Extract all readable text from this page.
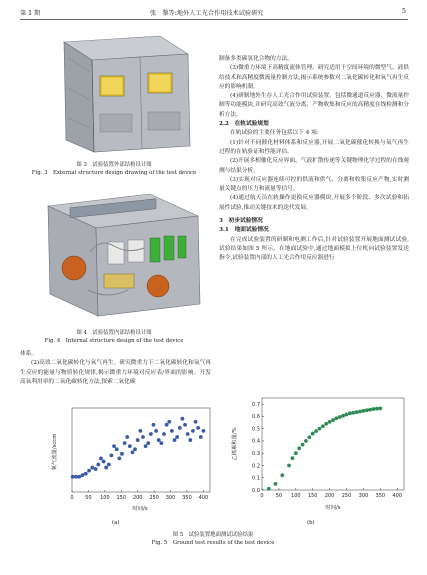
第 1 期	张　黎等:地外人工光合作用技术试验研究	5
图 3　试验装置外部结构设计图
Fig. 3　External structure design drawing of the test device
图 4　试验装置内部结构设计图
Fig. 4　Internal structure design of the test device

体系。

(2)高效二氧化碳转化与氧气再生。研究微重力下二氧化碳转化和氧气再生反应的能量与物质转化规律,揭示微重力环境对反应表/界面的影响。开发高氧利用率的二氧化碳转化方法,探索二氧化碳

制备多类碳氢化合物的方法。

(3)微重力环境下高精度流体管理。研究适用于空间环境的微型气、液供给技术和高精度微流量控制方法,揭示系统参数对二氧化碳转化和氧气再生反应的影响机制。

(4)研制地外生存人工光合作用试验装置。包括微通道反应器、微流量控制等功能模块,并研究高效气液分离、产物收集和反应的高精度在线检测和分析方法。

2.2　在轨试验规划

在轨试验的主要任务包括以下 4 项:

(1)针对不同催化材料体系和反应器,开展二氧化碳催化转换与氧气再生过程的在轨验证和性能评估。

(2)开展多相催化反应界面、气液扩散传递等关键物理化学过程的在线观测与结果分析。

(3)实现对反应器连续可控的供液和供气、分离和收集反应产物,实时测量关键点的压力和流量等信号。

(4)通过航天员在轨操作更换反应器模块,开展多个阶段、多次试验和拓展性试验,推动关键技术的迭代发展。

3　初步试验情况

3.1　地面试验情况

在完成试验装置的研制和电测工作后,针对试验装置开展地面测试试验,试验结果如图 5 所示。在地面试验中,通过地面模拟上位机向试验装置发送指令,试验装置内部的人工光合作用反应器进行

0 50 100 150 200 250 300 350 400
时间/s
氧气流量/sccm
(a)
0 50 100 150 200 250 300 350 400
0.0
0.1
0.2
0.3
0.4
0.5
0.6
0.7
时间/s
乙烯累积量/%
(b)
图 5　试验装置地面测试试验结果
Fig. 5　Ground test results of the test device
